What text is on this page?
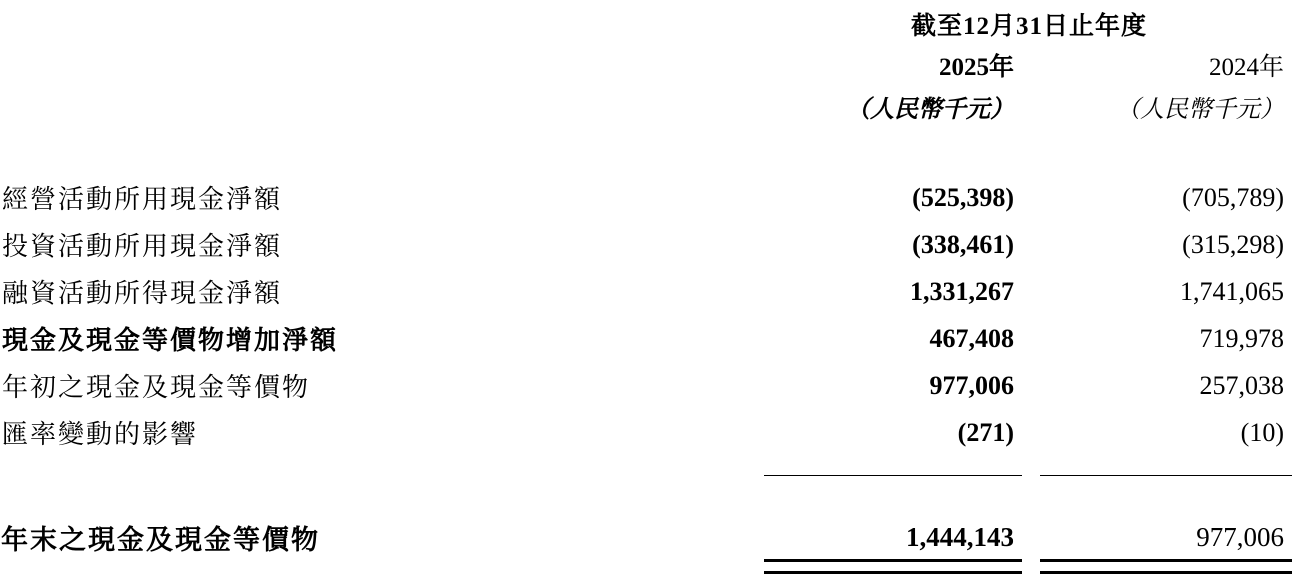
	截至12月31日止年度		
	2025年		2024年
	（人民幣千元）		（人民幣千元）

經營活動所用現金淨額	(525,398)		(705,789)
投資活動所用現金淨額	(338,461)		(315,298)
融資活動所得現金淨額	1,331,267		1,741,065
現金及現金等價物增加淨額	467,408		719,978
年初之現金及現金等價物	977,006		257,038
匯率變動的影響	(271)		(10)

年末之現金及現金等價物	1,444,143		977,006
